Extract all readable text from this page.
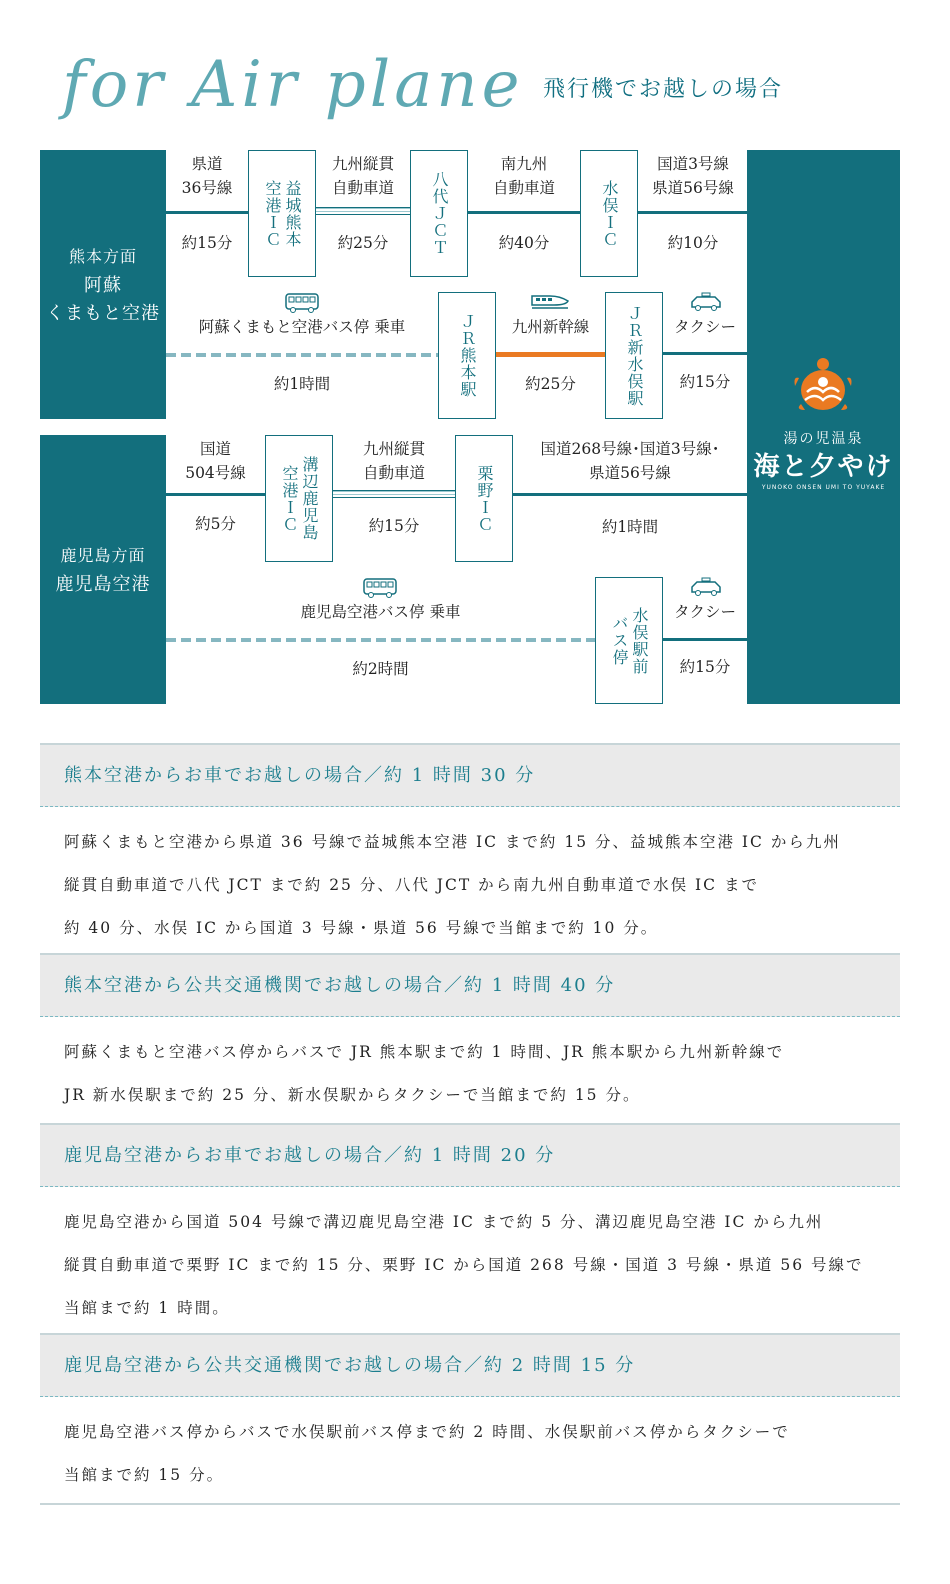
for Air plane 飛行機でお越しの場合
熊本方面
阿蘇
くまもと空港
鹿児島方面
鹿児島空港
湯の児温泉
海と夕やけ
YUNOKO ONSEN UMI TO YUYAKE
県道
36号線
約15分	益城熊本
空港ＩＣ
九州縦貫
自動車道
約25分	八代ＪＣＴ
南九州
自動車道
約40分	水俣ＩＣ
国道3号線
県道56号線
約10分
阿蘇くまもと空港バス停 乗車
約1時間	ＪＲ熊本駅	九州新幹線
約25分	ＪＲ新水俣駅	タクシー
約15分
国道
504号線
約5分	溝辺鹿児島
空港ＩＣ
九州縦貫
自動車道
約15分	栗野ＩＣ
国道268号線･国道3号線･
県道56号線
約1時間
鹿児島空港バス停 乗車
約2時間	水俣駅前
バス停
タクシー
約15分
熊本空港からお車でお越しの場合／約 1 時間 30 分
阿蘇くまもと空港から県道 36 号線で益城熊本空港 IC まで約 15 分、益城熊本空港 IC から九州
縦貫自動車道で八代 JCT まで約 25 分、八代 JCT から南九州自動車道で水俣 IC まで
約 40 分、水俣 IC から国道 3 号線・県道 56 号線で当館まで約 10 分。
熊本空港から公共交通機関でお越しの場合／約 1 時間 40 分
阿蘇くまもと空港バス停からバスで JR 熊本駅まで約 1 時間、JR 熊本駅から九州新幹線で
JR 新水俣駅まで約 25 分、新水俣駅からタクシーで当館まで約 15 分。
鹿児島空港からお車でお越しの場合／約 1 時間 20 分
鹿児島空港から国道 504 号線で溝辺鹿児島空港 IC まで約 5 分、溝辺鹿児島空港 IC から九州
縦貫自動車道で栗野 IC まで約 15 分、栗野 IC から国道 268 号線・国道 3 号線・県道 56 号線で
当館まで約 1 時間。
鹿児島空港から公共交通機関でお越しの場合／約 2 時間 15 分
鹿児島空港バス停からバスで水俣駅前バス停まで約 2 時間、水俣駅前バス停からタクシーで
当館まで約 15 分。
